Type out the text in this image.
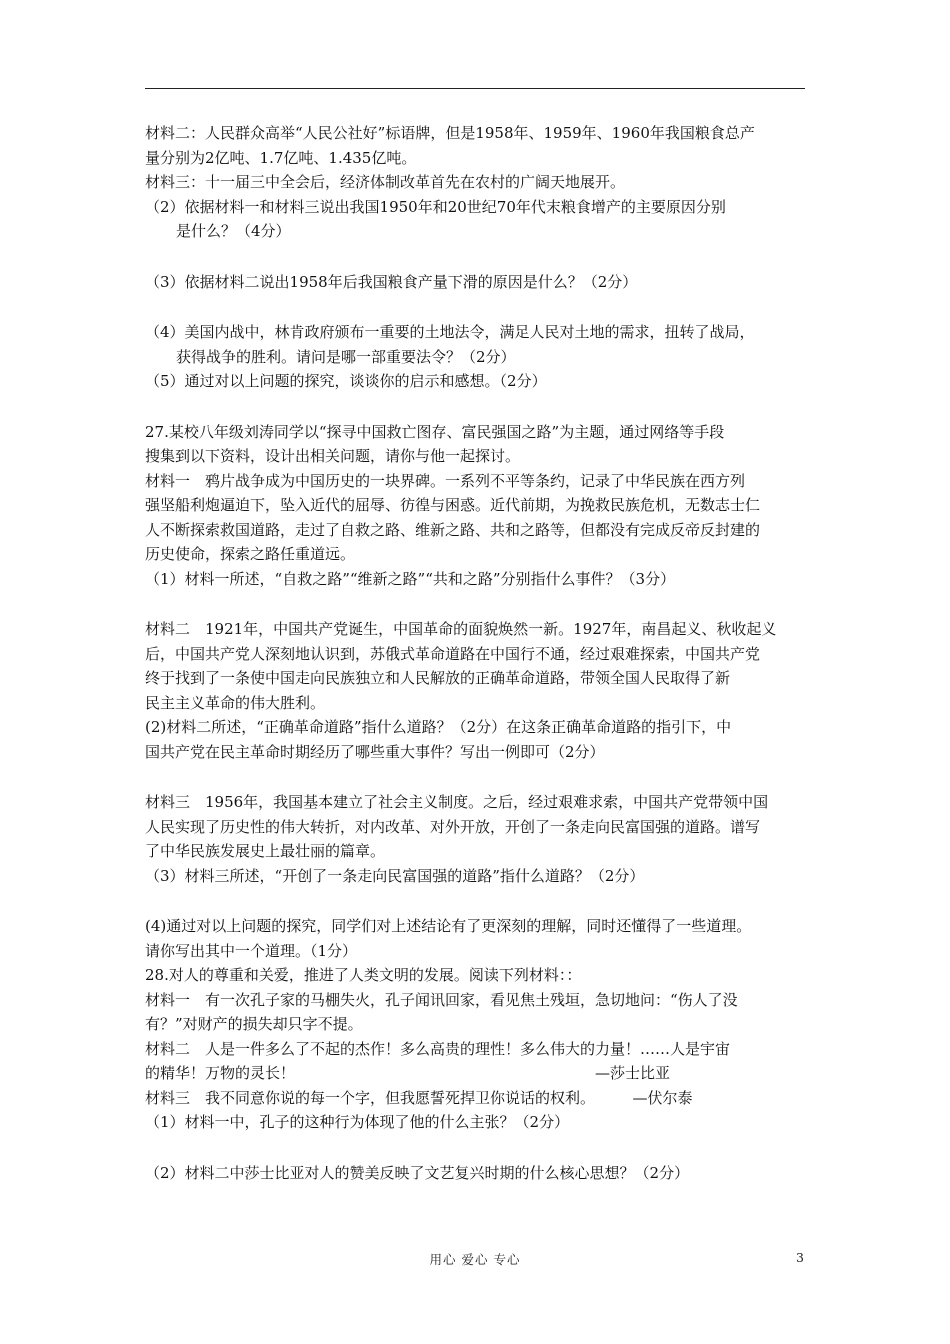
材料二：人民群众高举“人民公社好”标语牌，但是1958年、1959年、1960年我国粮食总产

量分别为2亿吨、1.7亿吨、1.435亿吨。

材料三：十一届三中全会后，经济体制改革首先在农村的广阔天地展开。

（2）依据材料一和材料三说出我国1950年和20世纪70年代末粮食增产的主要原因分别

是什么？（4分）

（3）依据材料二说出1958年后我国粮食产量下滑的原因是什么？（2分）

（4）美国内战中，林肯政府颁布一重要的土地法令，满足人民对土地的需求，扭转了战局，

获得战争的胜利。请问是哪一部重要法令？（2分）

（5）通过对以上问题的探究，谈谈你的启示和感想。（2分）

27.某校八年级刘涛同学以“探寻中国救亡图存、富民强国之路”为主题，通过网络等手段

搜集到以下资料，设计出相关问题，请你与他一起探讨。

材料一　鸦片战争成为中国历史的一块界碑。一系列不平等条约，记录了中华民族在西方列

强坚船利炮逼迫下，坠入近代的屈辱、彷徨与困惑。近代前期，为挽救民族危机，无数志士仁

人不断探索救国道路，走过了自救之路、维新之路、共和之路等，但都没有完成反帝反封建的

历史使命，探索之路任重道远。

（1）材料一所述，“自救之路”“维新之路”“共和之路”分别指什么事件？（3分）

材料二　1921年，中国共产党诞生，中国革命的面貌焕然一新。1927年，南昌起义、秋收起义

后，中国共产党人深刻地认识到，苏俄式革命道路在中国行不通，经过艰难探索，中国共产党

终于找到了一条使中国走向民族独立和人民解放的正确革命道路，带领全国人民取得了新

民主主义革命的伟大胜利。

(2)材料二所述，“正确革命道路”指什么道路？（2分）在这条正确革命道路的指引下，中

国共产党在民主革命时期经历了哪些重大事件？写出一例即可（2分）

材料三　1956年，我国基本建立了社会主义制度。之后，经过艰难求索，中国共产党带领中国

人民实现了历史性的伟大转折，对内改革、对外开放，开创了一条走向民富国强的道路。谱写

了中华民族发展史上最壮丽的篇章。

（3）材料三所述，“开创了一条走向民富国强的道路”指什么道路？（2分）

(4)通过对以上问题的探究，同学们对上述结论有了更深刻的理解，同时还懂得了一些道理。

请你写出其中一个道理。（1分）

28.对人的尊重和关爱，推进了人类文明的发展。阅读下列材料：：

材料一　有一次孔子家的马棚失火，孔子闻讯回家，看见焦土残垣，急切地问：“伤人了没

有？”对财产的损失却只字不提。

材料二　人是一件多么了不起的杰作！多么高贵的理性！多么伟大的力量！……人是宇宙

的精华！万物的灵长！　　　　　　　　　　　　　　　　　　　　—莎士比亚

材料三　我不同意你说的每一个字，但我愿誓死捍卫你说话的权利。　　　—伏尔泰

（1）材料一中，孔子的这种行为体现了他的什么主张？（2分）

（2）材料二中莎士比亚对人的赞美反映了文艺复兴时期的什么核心思想？（2分）

用心 爱心 专心	3
